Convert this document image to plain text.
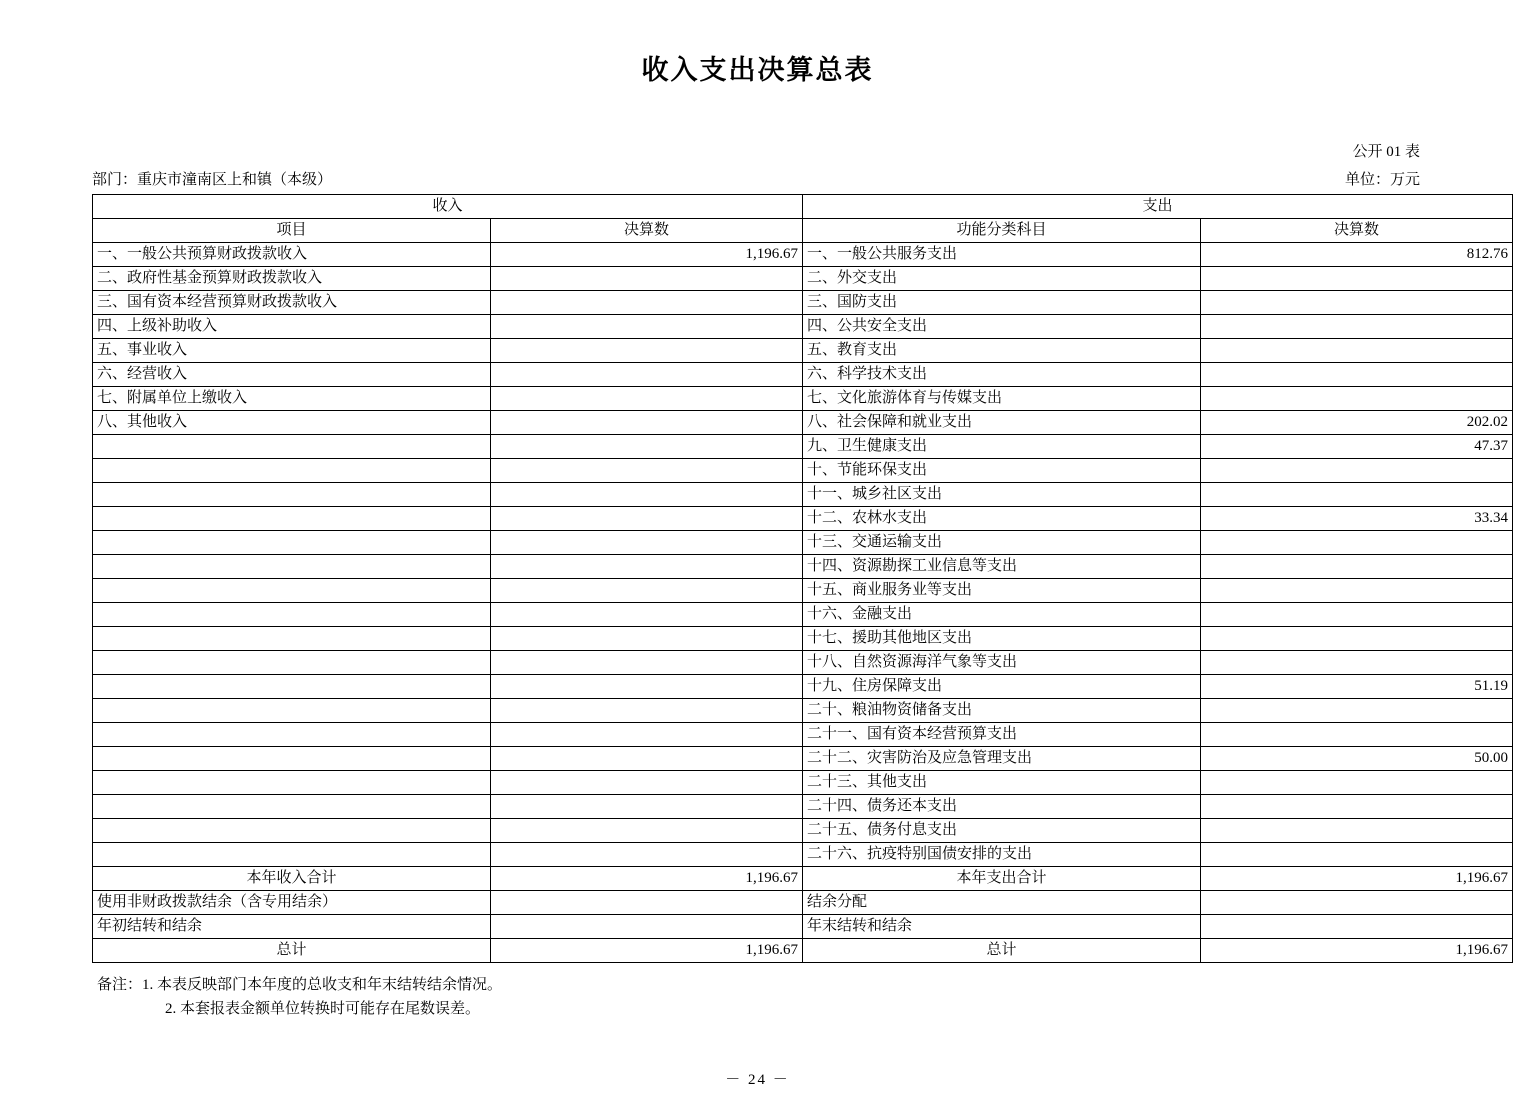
收入支出决算总表
公开 01 表
单位：万元
部门：重庆市潼南区上和镇（本级）
收入		支出	
项目	决算数	功能分类科目	决算数
一、一般公共预算财政拨款收入	1,196.67	一、一般公共服务支出	812.76
二、政府性基金预算财政拨款收入		二、外交支出	
三、国有资本经营预算财政拨款收入		三、国防支出	
四、上级补助收入		四、公共安全支出	
五、事业收入		五、教育支出	
六、经营收入		六、科学技术支出	
七、附属单位上缴收入		七、文化旅游体育与传媒支出	
八、其他收入		八、社会保障和就业支出	202.02
		九、卫生健康支出	47.37
		十、节能环保支出	
		十一、城乡社区支出	
		十二、农林水支出	33.34
		十三、交通运输支出	
		十四、资源勘探工业信息等支出	
		十五、商业服务业等支出	
		十六、金融支出	
		十七、援助其他地区支出	
		十八、自然资源海洋气象等支出	
		十九、住房保障支出	51.19
		二十、粮油物资储备支出	
		二十一、国有资本经营预算支出	
		二十二、灾害防治及应急管理支出	50.00
		二十三、其他支出	
		二十四、债务还本支出	
		二十五、债务付息支出	
		二十六、抗疫特别国债安排的支出	
本年收入合计	1,196.67	本年支出合计	1,196.67
使用非财政拨款结余（含专用结余）		结余分配	
年初结转和结余		年末结转和结余	
总计	1,196.67	总计	1,196.67
备注：1. 本表反映部门本年度的总收支和年末结转结余情况。
2. 本套报表金额单位转换时可能存在尾数误差。
－ 24 －
